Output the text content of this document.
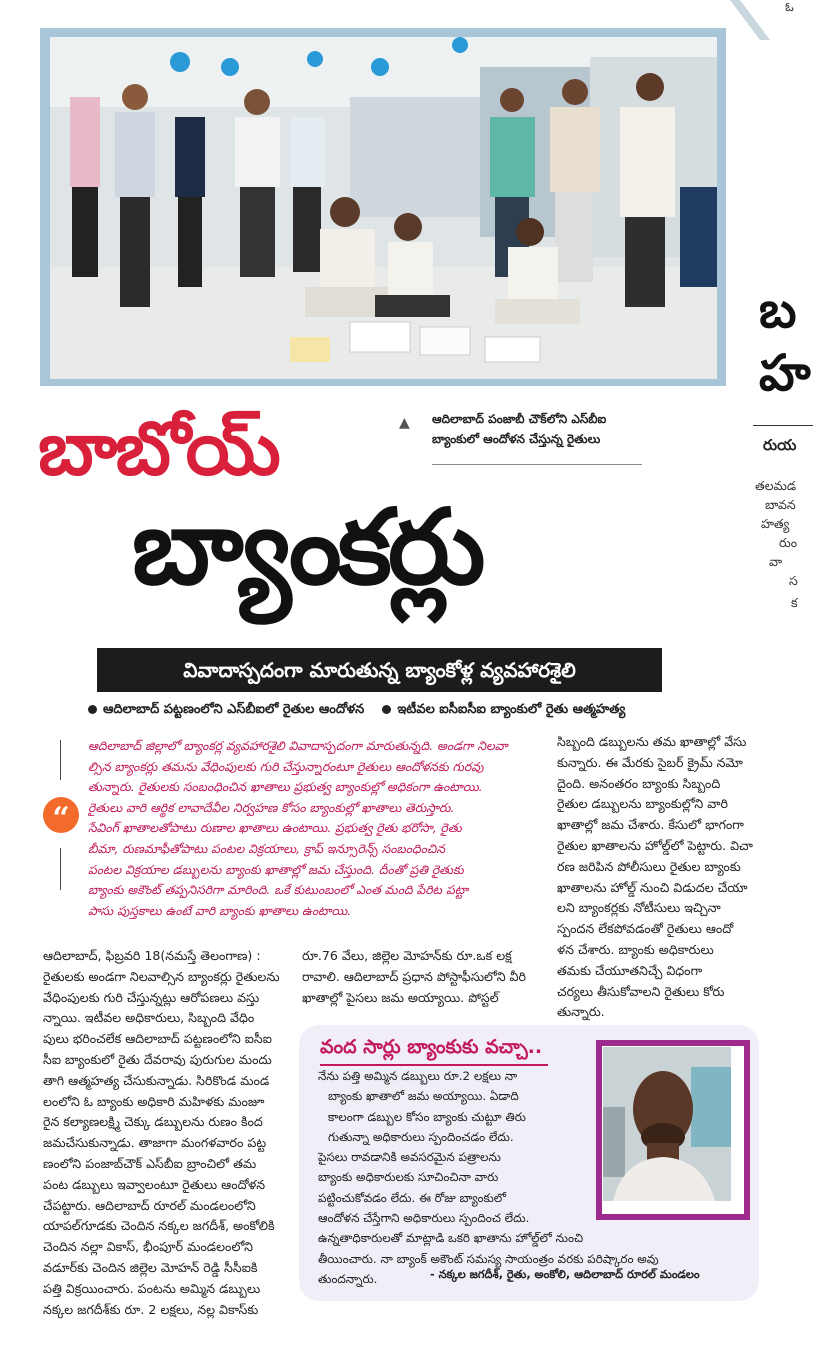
ఓ
బ
హ
రుయ
తలమడ
బావన
హత్య
రుం
వా
స
క
▲ ఆదిలాబాద్‌ పంజాబీ చౌక్‌లోని ఎస్‌బీఐ బ్యాంకులో ఆందోళన చేస్తున్న రైతులు
బాబోయ్‌
బ్యాంకర్లు
వివాదాస్పదంగా మారుతున్న బ్యాంకోళ్ల వ్యవహారశైలి
ఆదిలాబాద్‌ పట్టణంలోని ఎస్‌బీఐలో రైతుల ఆందోళన	ఇటీవల ఐసీఐసీఐ బ్యాంకులో రైతు ఆత్మహత్య
“

ఆదిలాబాద్‌ జిల్లాలో బ్యాంకర్ల వ్యవహారశైలి వివాదాస్పదంగా మారుతున్నది. అండగా నిలవా

ల్సిన బ్యాంకర్లు తమను వేధింపులకు గురి చేస్తున్నారంటూ రైతులు ఆందోళనకు గురవు

తున్నారు. రైతులకు సంబంధించిన ఖాతాలు ప్రభుత్వ బ్యాంకుల్లో అధికంగా ఉంటాయి.

రైతులు వారి ఆర్థిక లావాదేవీల నిర్వహణ కోసం బ్యాంకుల్లో ఖాతాలు తెరుస్తారు.

సేవింగ్‌ ఖాతాలతోపాటు రుణాల ఖాతాలు ఉంటాయి. ప్రభుత్వ రైతు భరోసా, రైతు

బీమా, రుణమాఫీతోపాటు పంటల విక్రయాలు, క్రాప్‌ ఇన్సూరెన్స్‌ సంబంధించిన

పంటల విక్రయాల డబ్బులను బ్యాంకు ఖాతాల్లో జమ చేస్తుంది. దీంతో ప్రతి రైతుకు

బ్యాంకు అకౌంట్‌ తప్పనిసరిగా మారింది. ఒకే కుటుంబంలో ఎంత మంది పేరిట పట్టా

పాసు పుస్తకాలు ఉంటే వారి బ్యాంకు ఖాతాలు ఉంటాయి.

ఆదిలాబాద్‌, ఫిబ్రవరి 18(నమస్తే తెలంగాణ) :

రైతులకు అండగా నిలవాల్సిన బ్యాంకర్లు రైతులను

వేధింపులకు గురి చేస్తున్నట్లు ఆరోపణలు వస్తు

న్నాయి. ఇటీవల అధికారులు, సిబ్బంది వేధిం

పులు భరించలేక ఆదిలాబాద్‌ పట్టణంలోని ఐసీఐ

సీఐ బ్యాంకులో రైతు దేవరావు పురుగుల మందు

తాగి ఆత్మహత్య చేసుకున్నాడు. సిరికొండ మండ

లంలోని ఓ బ్యాంకు అధికారి మహిళకు మంజూ

రైన కల్యాణలక్ష్మి చెక్కు డబ్బులను రుణం కింద

జమచేసుకున్నాడు. తాజాగా మంగళవారం పట్ట

ణంలోని పంజాబ్‌చౌక్‌ ఎస్‌బీఐ బ్రాంచిలో తమ

పంట డబ్బులు ఇవ్వాలంటూ రైతులు ఆందోళన

చేపట్టారు. ఆదిలాబాద్‌ రూరల్‌ మండలంలోని

యాపల్‌గూడకు చెందిన నక్కల జగదీశ్‌, అంకోలికి

చెందిన నల్లా వికాస్‌, భీంపూర్‌ మండలంలోని

వడూర్‌కు చెందిన జిల్లెల మోహన్‌ రెడ్డి సీసీఐకి

పత్తి విక్రయించారు. పంటను అమ్మిన డబ్బులు

నక్కల జగదీశ్‌కు రూ. 2 లక్షలు, నల్ల వికాస్‌కు

రూ.76 వేలు, జిల్లెల మోహన్‌కు రూ.ఒక లక్ష

రావాలి. ఆదిలాబాద్‌ ప్రధాన పోస్టాఫీసులోని వీరి

ఖాతాల్లో పైసలు జమ అయ్యాయి. పోస్టల్‌

సిబ్బంది డబ్బులను తమ ఖాతాల్లో వేసు

కున్నారు. ఈ మేరకు సైబర్‌ క్రైమ్‌ నమో

దైంది. అనంతరం బ్యాంకు సిబ్బంది

రైతుల డబ్బులను బ్యాంకుల్లోని వారి

ఖాతాల్లో జమ చేశారు. కేసులో భాగంగా

రైతుల ఖాతాలను హోల్డ్‌లో పెట్టారు. విచా

రణ జరిపిన పోలీసులు రైతుల బ్యాంకు

ఖాతాలను హోల్డ్‌ నుంచి విడుదల చేయా

లని బ్యాంకర్లకు నోటీసులు ఇచ్చినా

స్పందన లేకపోవడంతో రైతులు ఆందో

ళన చేశారు. బ్యాంకు అధికారులు

తమకు చేయూతనిచ్చే విధంగా

చర్యలు తీసుకోవాలని రైతులు కోరు

తున్నారు.

వంద సార్లు బ్యాంకుకు వచ్చా..

నేను పత్తి అమ్మిన డబ్బులు రూ.2 లక్షలు నా

బ్యాంకు ఖాతాలో జమ అయ్యాయి. ఏడాది

కాలంగా డబ్బుల కోసం బ్యాంకు చుట్టూ తిరు

గుతున్నా అధికారులు స్పందించడం లేదు.

పైసలు రావడానికి అవసరమైన పత్రాలను

బ్యాంకు అధికారులకు సూచించినా వారు

పట్టించుకోవడం లేదు. ఈ రోజు బ్యాంకులో

ఆందోళన చేస్తేగాని అధికారులు స్పందించ లేదు.

ఉన్నతాధికారులతో మాట్లాడి ఒకరి ఖాతాను హోల్డ్‌లో నుంచి

తీయించారు. నా బ్యాంక్‌ అకౌంట్‌ సమస్య సాయంత్రం వరకు పరిష్కారం అవు

తుందన్నారు.	- నక్కల జగదీశ్‌, రైతు, అంకోలి, ఆదిలాబాద్‌ రూరల్‌ మండలం
